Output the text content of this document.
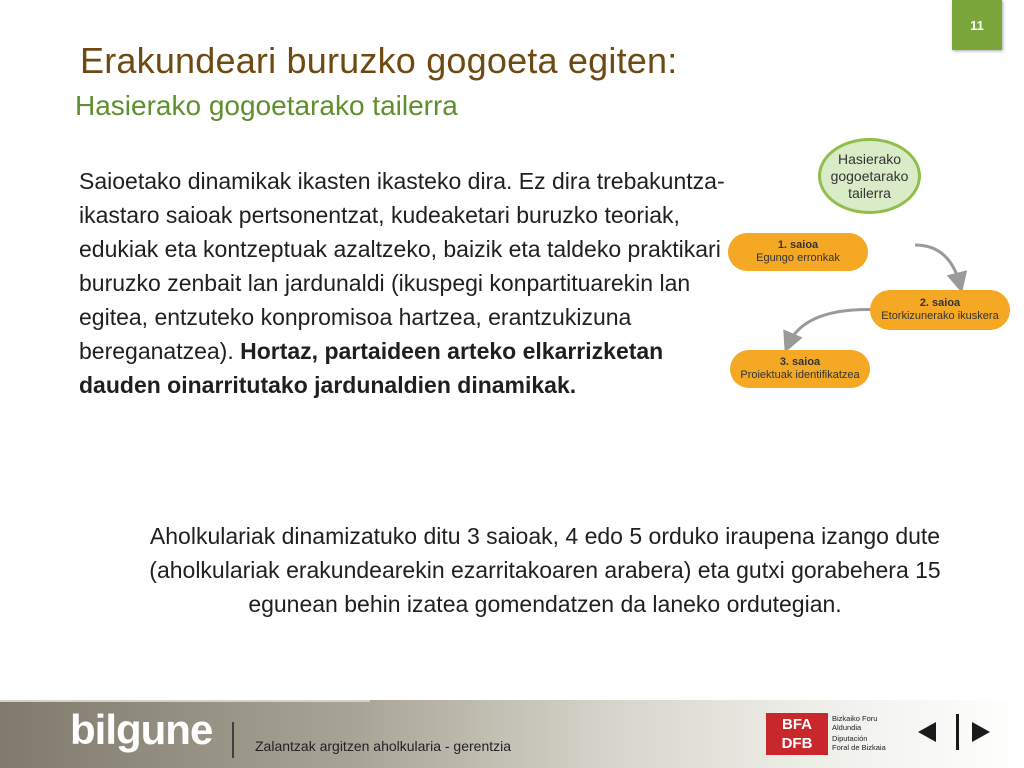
11
Erakundeari buruzko gogoeta egiten:
Hasierako gogoetarako tailerra

Saioetako dinamikak ikasten ikasteko dira. Ez dira trebakuntza-ikastaro saioak pertsonentzat, kudeaketari buruzko teoriak, edukiak eta kontzeptuak azaltzeko, baizik eta taldeko praktikari buruzko zenbait lan jardunaldi (ikuspegi konpartituarekin lan egitea, entzuteko konpromisoa hartzea, erantzukizuna bereganatzea). Hortaz, partaideen arteko elkarrizketan dauden oinarritutako jardunaldien dinamikak.

Hasierako gogoetarako tailerra
1. saioa
Egungo erronkak
2. saioa
Etorkizunerako ikuskera
3. saioa
Proiektuak identifikatzea

Aholkulariak dinamizatuko ditu 3 saioak, 4 edo 5 orduko iraupena izango dute (aholkulariak erakundearekin ezarritakoaren arabera) eta gutxi gorabehera 15 egunean behin izatea gomendatzen da laneko ordutegian.

bilgune	Zalantzak argitzen aholkularia - gerentzia
BFA DFB
Bizkaiko Foru
Aldundia
Diputación
Foral de Bizkaia
